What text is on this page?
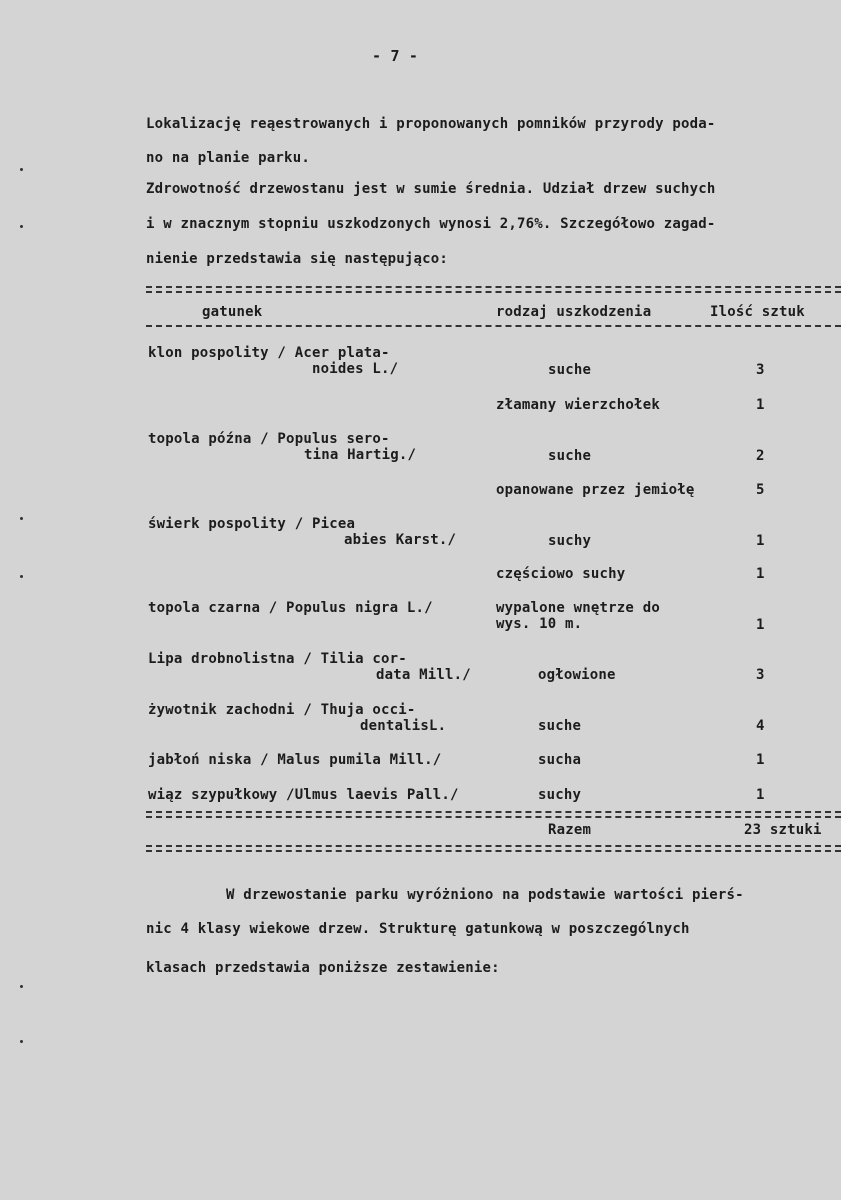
- 7 -
Lokalizację reąestrowanych i proponowanych pomników przyrody poda-
no na planie parku.
Zdrowotność drzewostanu jest w sumie średnia. Udział drzew suchych
i w znacznym stopniu uszkodzonych wynosi 2,76%. Szczegółowo zagad-
nienie przedstawia się następująco:
gatunek	rodzaj uszkodzenia	Ilość sztuk
klon pospolity / Acer plata-
noides L./	suche	3
złamany wierzchołek	1
topola późna / Populus sero-
tina Hartig./	suche	2
opanowane przez jemiołę	5
świerk pospolity / Picea
abies Karst./	suchy	1
częściowo suchy	1
topola czarna / Populus nigra L./	wypalone wnętrze do
wys. 10 m.	1
Lipa drobnolistna / Tilia cor-
data Mill./	ogłowione	3
żywotnik zachodni / Thuja occi-
dentalisL.	suche	4
jabłoń niska / Malus pumila Mill./	sucha	1
wiąz szypułkowy /Ulmus laevis Pall./	suchy	1
Razem	23 sztuki
W drzewostanie parku wyróżniono na podstawie wartości pierś-
nic 4 klasy wiekowe drzew. Strukturę gatunkową w poszczególnych
klasach przedstawia poniższe zestawienie:
